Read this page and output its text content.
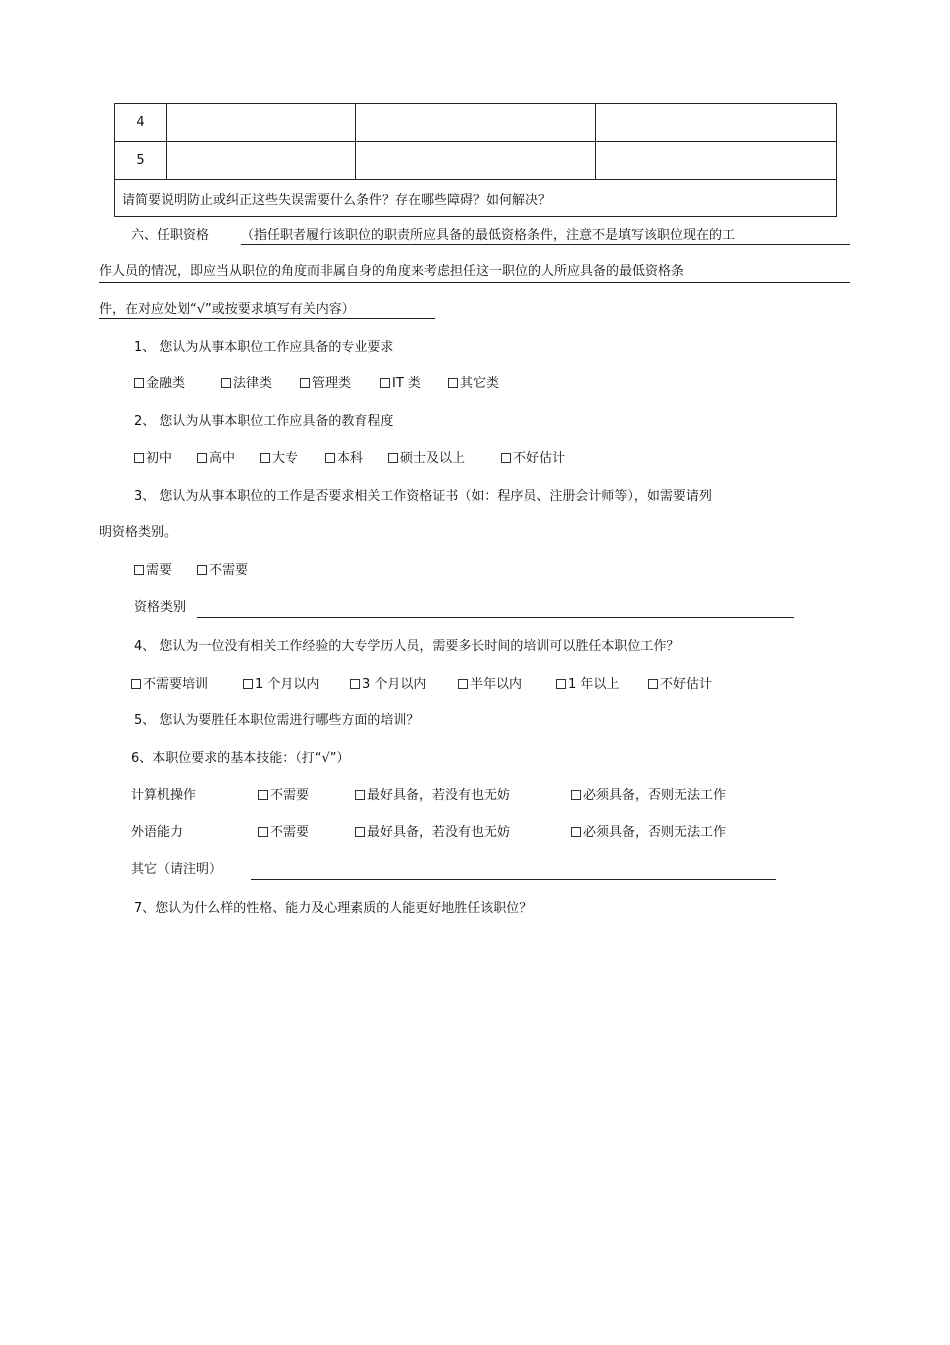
4			
5			
请简要说明防止或纠正这些失误需要什么条件？存在哪些障碍？如何解决？			
六、任职资格 （指任职者履行该职位的职责所应具备的最低资格条件，注意不是填写该职位现在的工
作人员的情况，即应当从职位的角度而非属自身的角度来考虑担任这一职位的人所应具备的最低资格条
件，在对应处划“√”或按要求填写有关内容）
1、 您认为从事本职位工作应具备的专业要求
金融类	法律类	管理类	IT 类	其它类
2、 您认为从事本职位工作应具备的教育程度
初中	高中	大专	本科	硕士及以上	不好估计
3、 您认为从事本职位的工作是否要求相关工作资格证书（如：程序员、注册会计师等），如需要请列
明资格类别。
需要	不需要
资格类别
4、 您认为一位没有相关工作经验的大专学历人员，需要多长时间的培训可以胜任本职位工作？
不需要培训	1 个月以内	3 个月以内	半年以内	1 年以上	不好估计
5、 您认为要胜任本职位需进行哪些方面的培训？
6、本职位要求的基本技能：（打“√”）
计算机操作	不需要	最好具备，若没有也无妨	必须具备，否则无法工作
外语能力	不需要	最好具备，若没有也无妨	必须具备，否则无法工作
其它（请注明）
7、您认为什么样的性格、能力及心理素质的人能更好地胜任该职位？
